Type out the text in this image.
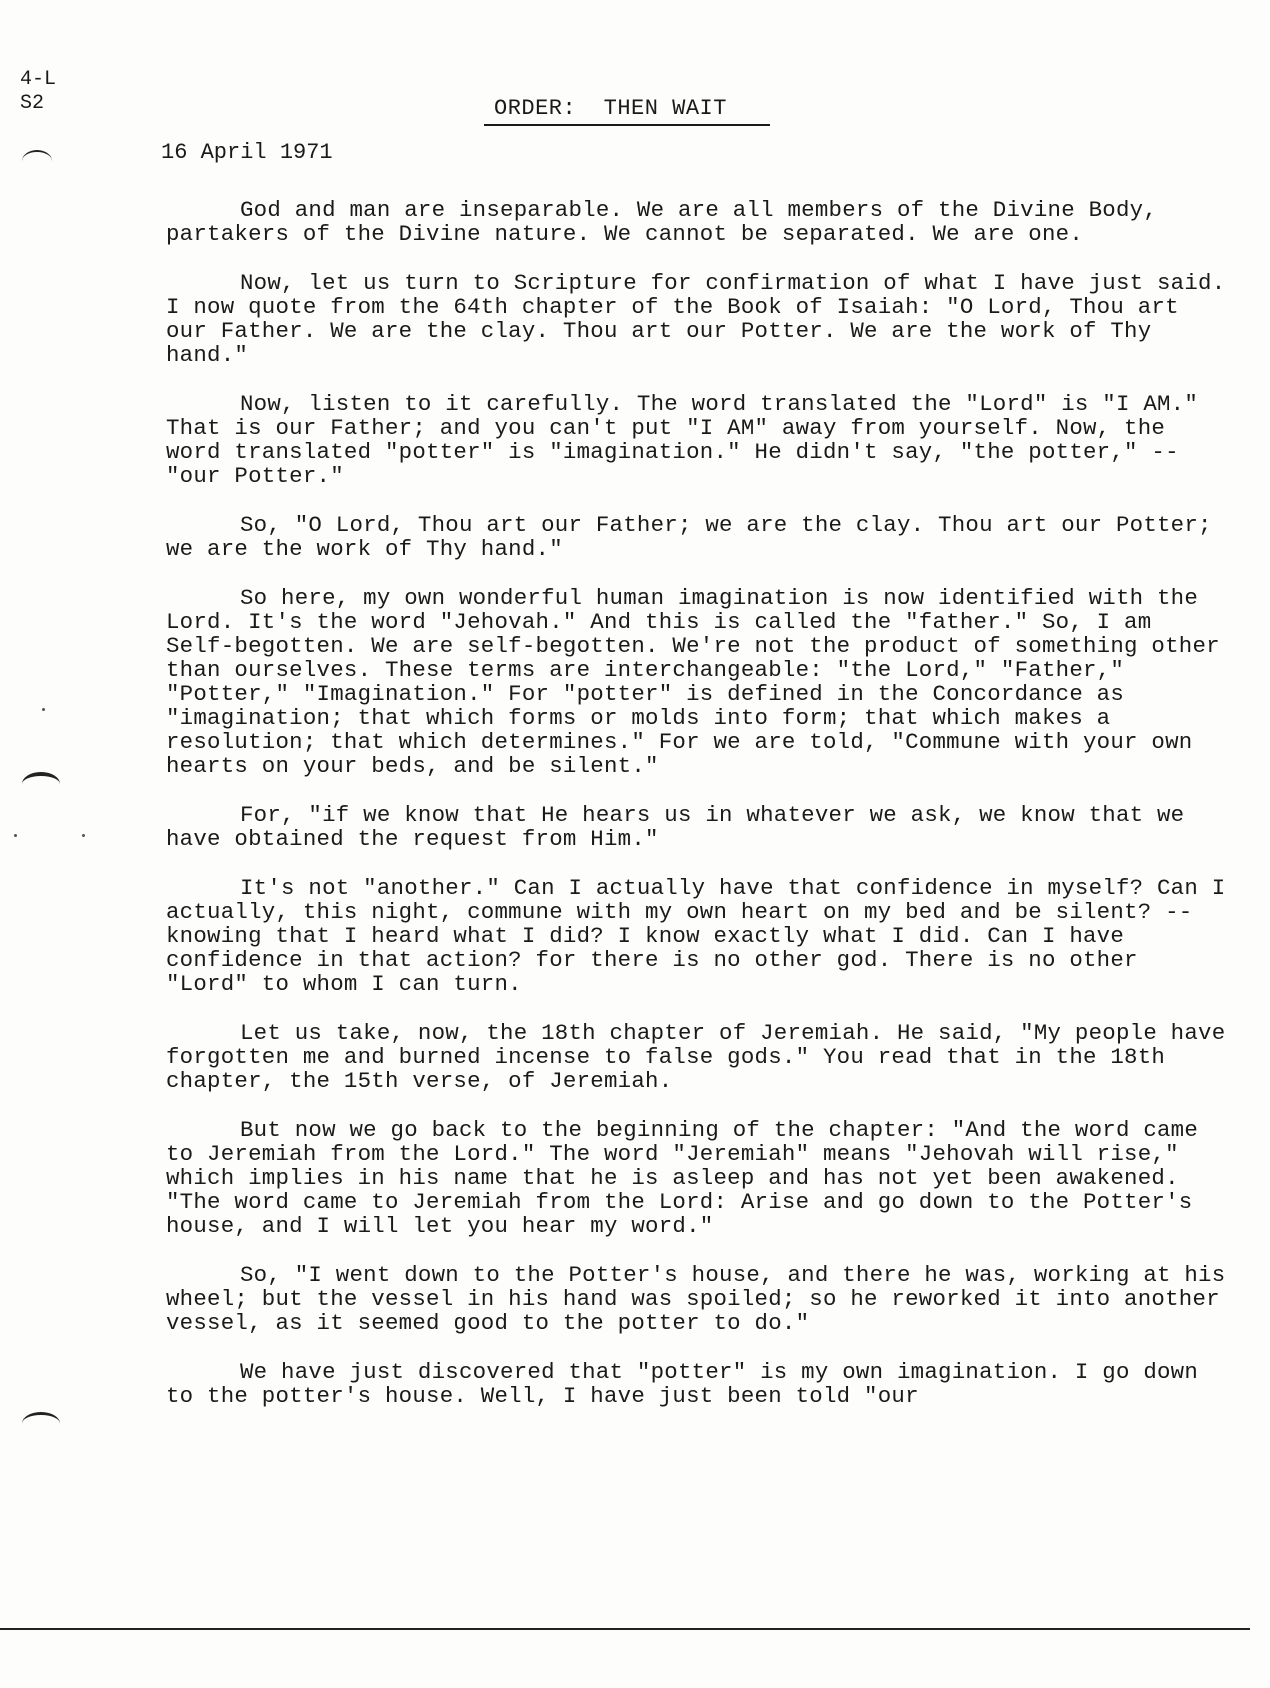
4-L
S2	ORDER:  THEN WAIT
16 April 1971

God and man are inseparable. We are all members of the Divine Body, partakers of the Divine nature. We cannot be separated. We are one.

Now, let us turn to Scripture for confirmation of what I have just said. I now quote from the 64th chapter of the Book of Isaiah: "O Lord, Thou art our Father. We are the clay. Thou art our Potter. We are the work of Thy hand."

Now, listen to it carefully. The word translated the "Lord" is "I AM." That is our Father; and you can't put "I AM" away from yourself. Now, the word translated "potter" is "imagination." He didn't say, "the potter," -- "our Potter."

So, "O Lord, Thou art our Father; we are the clay. Thou art our Potter; we are the work of Thy hand."

So here, my own wonderful human imagination is now identified with the Lord. It's the word "Jehovah." And this is called the "father." So, I am Self-begotten. We are self-begotten. We're not the product of something other than ourselves. These terms are interchangeable: "the Lord," "Father," "Potter," "Imagination." For "potter" is defined in the Concordance as "imagination; that which forms or molds into form; that which makes a resolution; that which determines." For we are told, "Commune with your own hearts on your beds, and be silent."

For, "if we know that He hears us in whatever we ask, we know that we have obtained the request from Him."

It's not "another." Can I actually have that confidence in myself? Can I actually, this night, commune with my own heart on my bed and be silent? -- knowing that I heard what I did? I know exactly what I did. Can I have confidence in that action? for there is no other god. There is no other "Lord" to whom I can turn.

Let us take, now, the 18th chapter of Jeremiah. He said, "My people have forgotten me and burned incense to false gods." You read that in the 18th chapter, the 15th verse, of Jeremiah.

But now we go back to the beginning of the chapter: "And the word came to Jeremiah from the Lord." The word "Jeremiah" means "Jehovah will rise," which implies in his name that he is asleep and has not yet been awakened. "The word came to Jeremiah from the Lord: Arise and go down to the Potter's house, and I will let you hear my word."

So, "I went down to the Potter's house, and there he was, working at his wheel; but the vessel in his hand was spoiled; so he reworked it into another vessel, as it seemed good to the potter to do."

We have just discovered that "potter" is my own imagination. I go down to the potter's house. Well, I have just been told "our
